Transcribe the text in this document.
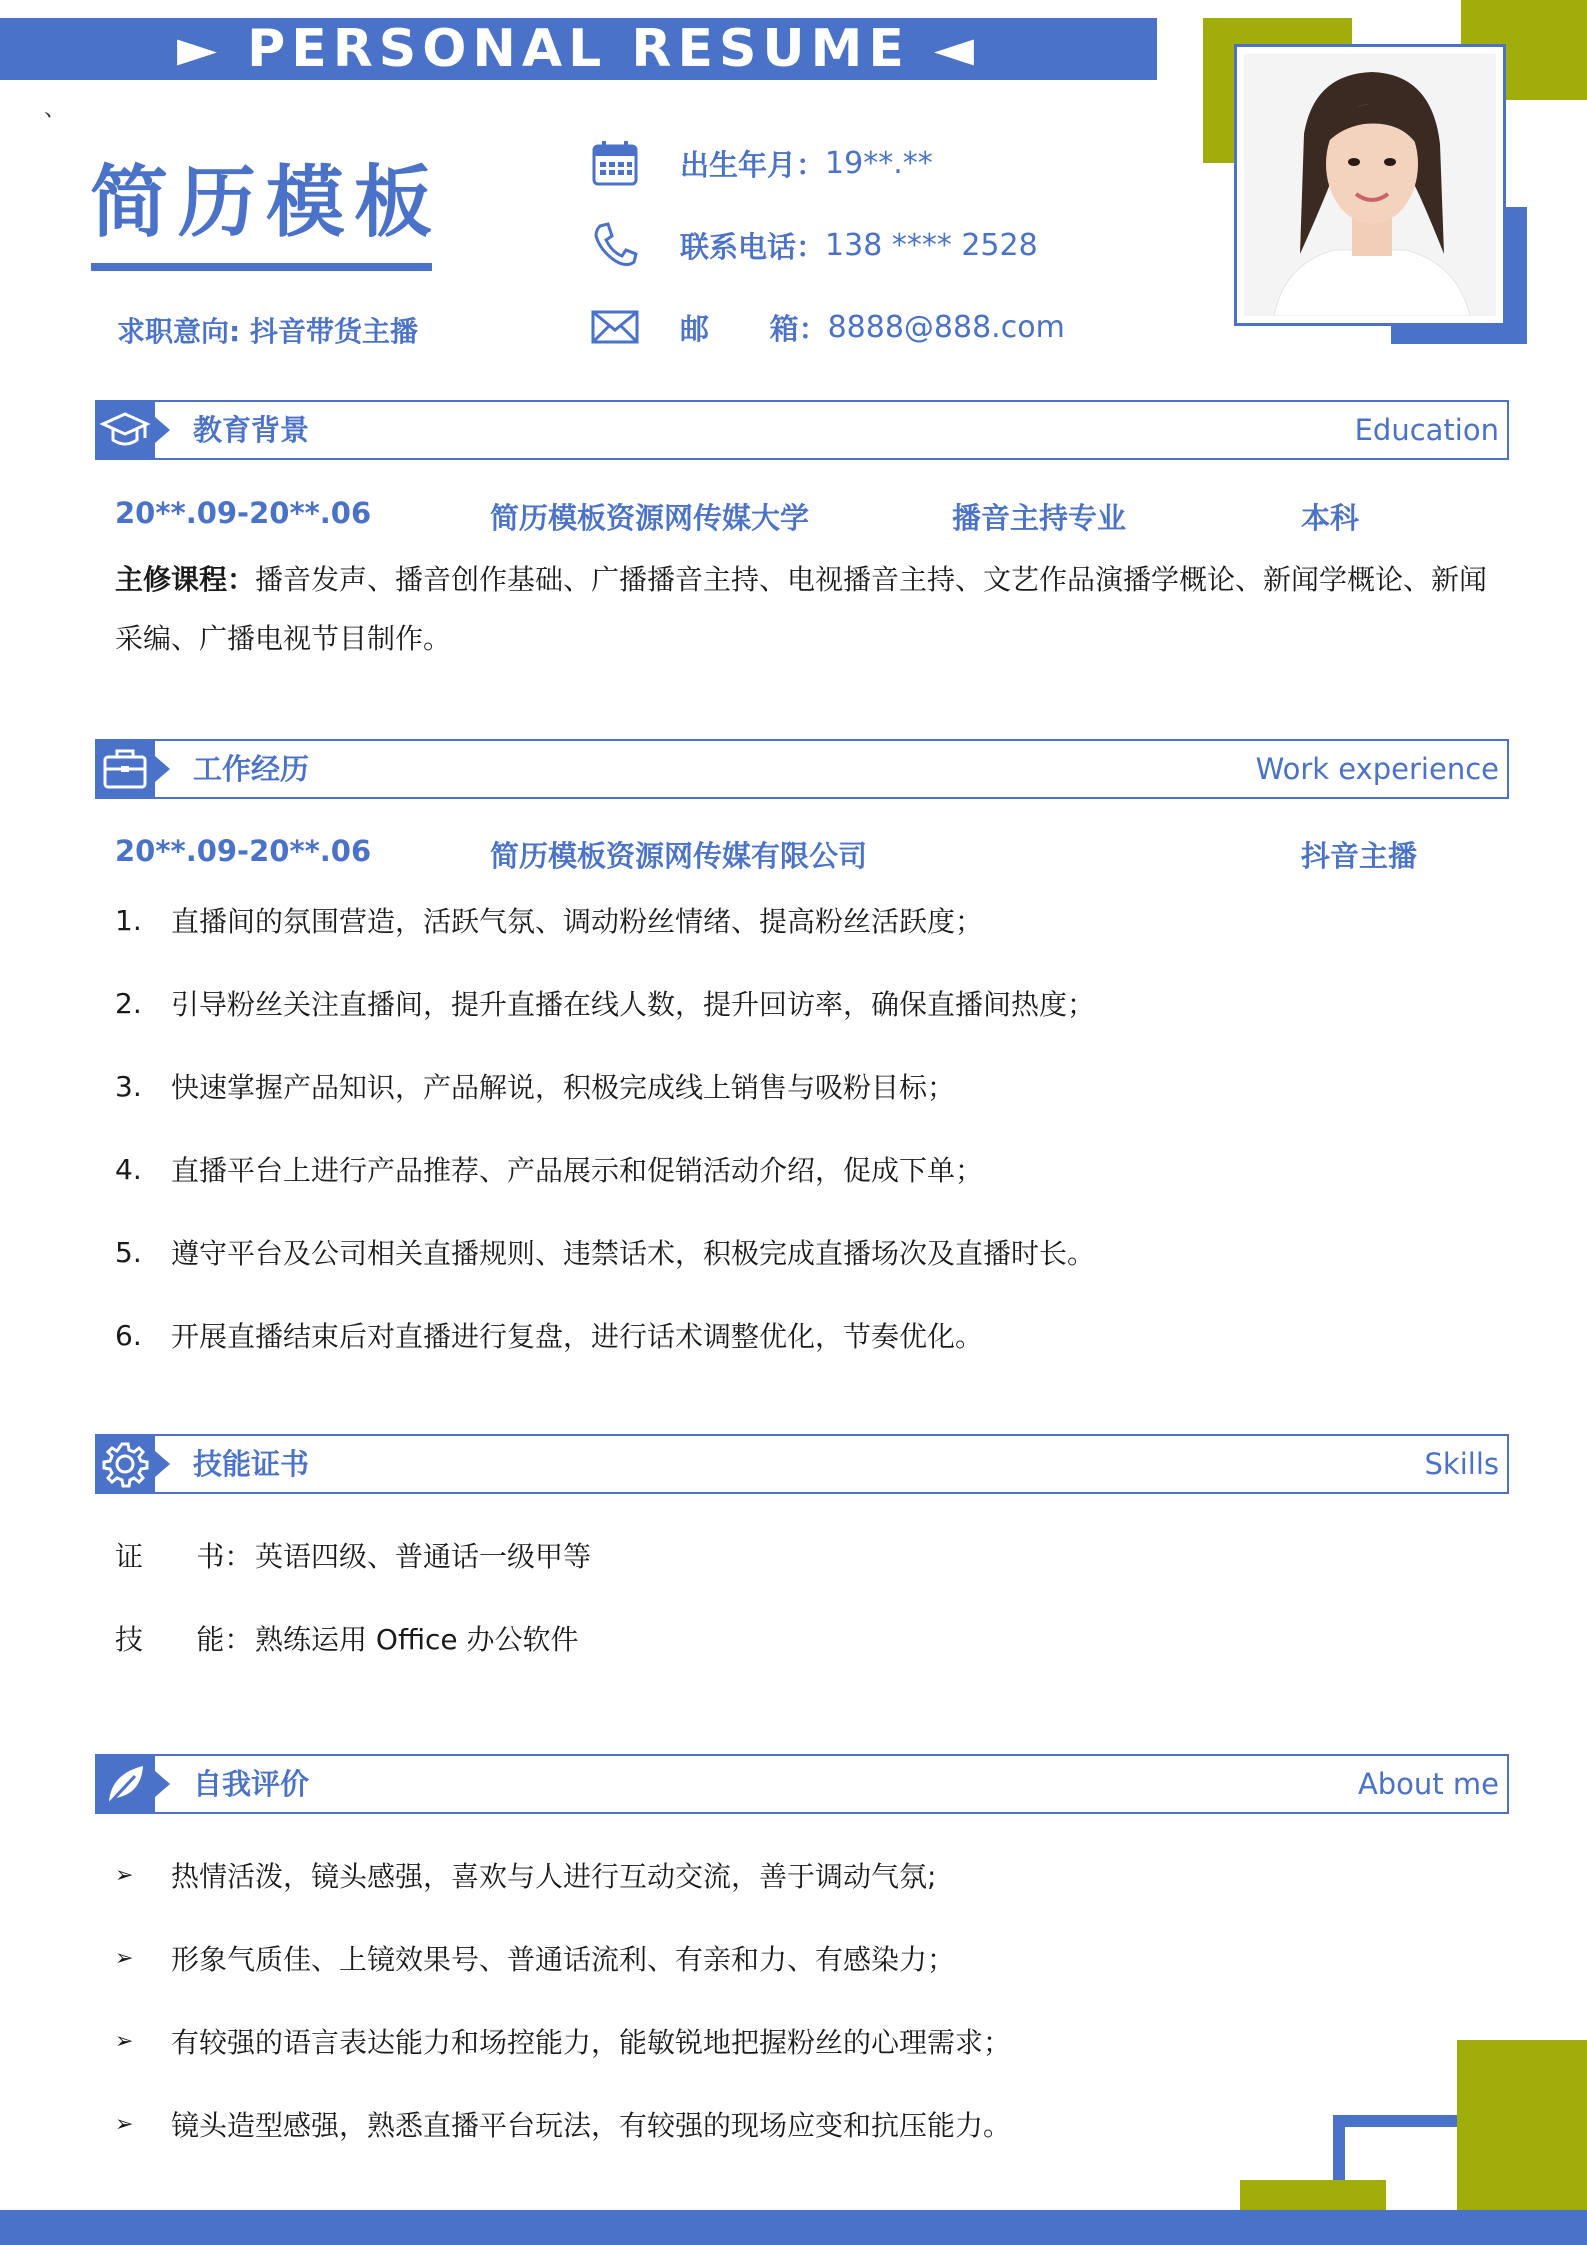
► PERSONAL RESUME ◄
、
简历模板
求职意向: 抖音带货主播
出生年月： 19**.**
联系电话： 138 **** 2528
邮      箱： 8888@888.com
教育背景	Education
20**.09-20**.06	简历模板资源网传媒大学	播音主持专业	本科
主修课程：播音发声、播音创作基础、广播播音主持、电视播音主持、文艺作品演播学概论、新闻学概论、新闻采编、广播电视节目制作。
工作经历	Work experience
20**.09-20**.06	简历模板资源网传媒有限公司	抖音主播
1.	直播间的氛围营造，活跃气氛、调动粉丝情绪、提高粉丝活跃度；
2.	引导粉丝关注直播间，提升直播在线人数，提升回访率，确保直播间热度；
3.	快速掌握产品知识，产品解说，积极完成线上销售与吸粉目标；
4.	直播平台上进行产品推荐、产品展示和促销活动介绍，促成下单；
5.	遵守平台及公司相关直播规则、违禁话术，积极完成直播场次及直播时长。
6.	开展直播结束后对直播进行复盘，进行话术调整优化，节奏优化。
技能证书	Skills
证      书： 英语四级、普通话一级甲等
技      能： 熟练运用 Office 办公软件
自我评价	About me
➢	热情活泼，镜头感强，喜欢与人进行互动交流，善于调动气氛;
➢	形象气质佳、上镜效果号、普通话流利、有亲和力、有感染力；
➢	有较强的语言表达能力和场控能力，能敏锐地把握粉丝的心理需求；
➢	镜头造型感强，熟悉直播平台玩法，有较强的现场应变和抗压能力。
